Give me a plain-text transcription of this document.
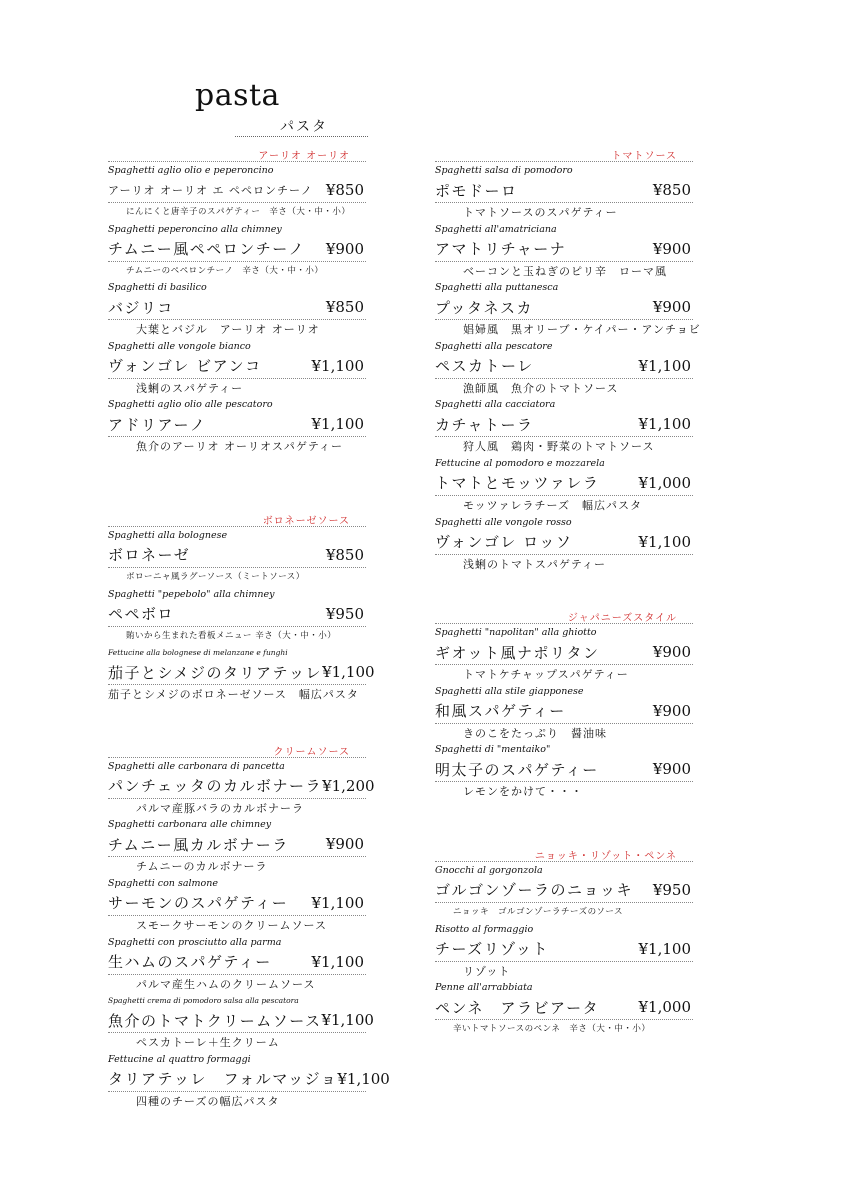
pasta
パスタ
アーリオ オーリオ
Spaghetti aglio olio e peperoncino
アーリオ オーリオ エ ペペロンチーノ ¥850
にんにくと唐辛子のスパゲティー　辛さ（大・中・小）
Spaghetti peperoncino alla chimney
チムニー風ペペロンチーノ ¥900
チムニーのペペロンチーノ　辛さ（大・中・小）
Spaghetti di basilico
バジリコ	¥850
大葉とバジル　アーリオ オーリオ
Spaghetti alle vongole bianco
ヴォンゴレ ビアンコ	¥1,100
浅蜊のスパゲティー
Spaghetti aglio olio alle pescatoro
アドリアーノ	¥1,100
魚介のアーリオ オーリオスパゲティー
ボロネーゼソース
Spaghetti alla bolognese
ボロネーゼ	¥850
ボローニャ風ラグーソース（ミートソース）
Spaghetti "pepebolo" alla chimney
ペペボロ	¥950
賄いから生まれた看板メニュー 辛さ（大・中・小）
Fettucine alla bolognese di melanzane e funghi
茄子とシメジのタリアテッレ ¥1,100
茄子とシメジのボロネーゼソース　幅広パスタ
クリームソース
Spaghetti alle carbonara di pancetta
パンチェッタのカルボナーラ ¥1,200
パルマ産豚バラのカルボナーラ
Spaghetti carbonara alle chimney
チムニー風カルボナーラ ¥900
チムニーのカルボナーラ
Spaghetti con salmone
サーモンのスパゲティー ¥1,100
スモークサーモンのクリームソース
Spaghetti con prosciutto alla parma
生ハムのスパゲティー	¥1,100
パルマ産生ハムのクリームソース
Spaghetti crema di pomodoro salsa alla pescatora
魚介のトマトクリームソース ¥1,100
ペスカトーレ＋生クリーム
Fettucine al quattro formaggi
タリアテッレ　フォルマッジョ ¥1,100
四種のチーズの幅広パスタ
トマトソース
Spaghetti salsa di pomodoro
ポモドーロ	¥850
トマトソースのスパゲティー
Spaghetti all'amatriciana
アマトリチャーナ	¥900
ベーコンと玉ねぎのピリ辛　ローマ風
Spaghetti alla puttanesca
プッタネスカ	¥900
娼婦風　黒オリーブ・ケイパー・アンチョビ
Spaghetti alla pescatore
ペスカトーレ	¥1,100
漁師風　魚介のトマトソース
Spaghetti alla cacciatora
カチャトーラ	¥1,100
狩人風　鶏肉・野菜のトマトソース
Fettucine al pomodoro e mozzarela
トマトとモッツァレラ	¥1,000
モッツァレラチーズ　幅広パスタ
Spaghetti alle vongole rosso
ヴォンゴレ ロッソ	¥1,100
浅蜊のトマトスパゲティー
ジャパニーズスタイル
Spaghetti "napolitan" alla ghiotto
ギオット風ナポリタン	¥900
トマトケチャップスパゲティー
Spaghetti alla stile giapponese
和風スパゲティー	¥900
きのこをたっぷり　醤油味
Spaghetti di "mentaiko"
明太子のスパゲティー	¥900
レモンをかけて・・・
ニョッキ・リゾット・ペンネ
Gnocchi al gorgonzola
ゴルゴンゾーラのニョッキ ¥950
ニョッキ　ゴルゴンゾーラチーズのソース
Risotto al formaggio
チーズリゾット	¥1,100
リゾット
Penne all'arrabbiata
ペンネ　アラビアータ	¥1,000
辛いトマトソースのペンネ　辛さ（大・中・小）
